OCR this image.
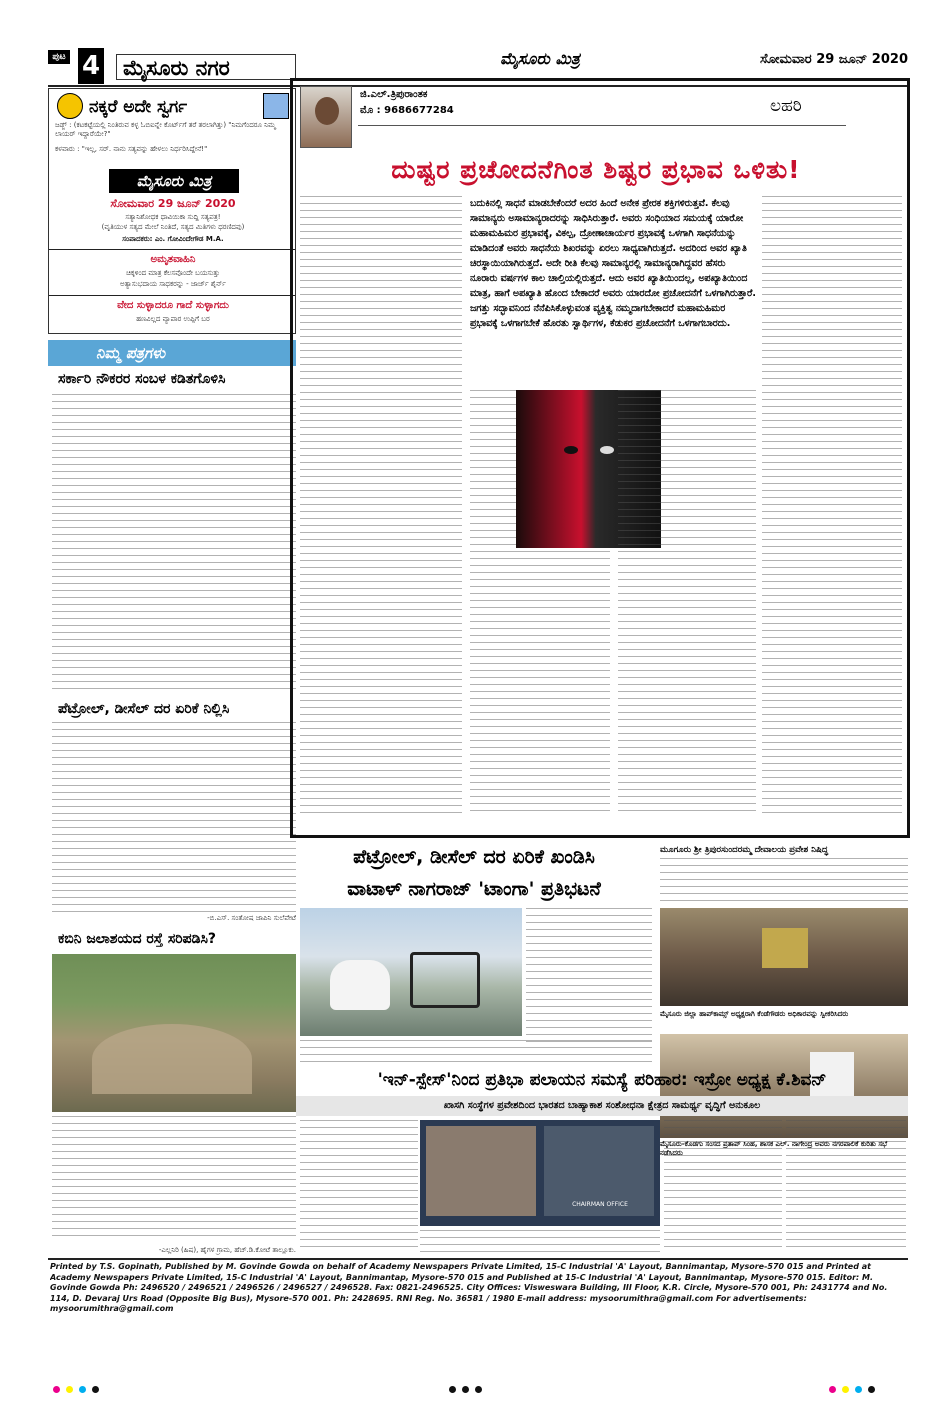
ಪುಟ 4	ಮೈಸೂರು ನಗರ	ಮೈಸೂರು ಮಿತ್ರ	ಸೋಮವಾರ 29 ಜೂನ್ 2020
ನಕ್ಕರೆ ಅದೇ ಸ್ವರ್ಗ
ಜಡ್ಜ್ : (ಕಟಕಟ್ಟೆಯಲ್ಲಿ ನಿಂತಿರುವ ಕಳ್ಳ ಓಬಿಐನ್ನೇ ಕೊರ್ಟ್‌ಗೆ ತರೆ ತರಲಾಗಿತ್ತು) "ನಿಮಗೆಂದರೂ ನಿಮ್ಮ ಲಾಯರ್ ಇದ್ದಾರೆಯೇ?"
ಕಳವಾರು : "ಇಲ್ಲ, ಸರ್. ನಾನು ಸತ್ಯವನ್ನು ಹೇಳಲು ನಿರ್ಧರಿಸಿದ್ದೇನೆ!"
ಮೈಸೂರು ಮಿತ್ರ
ಸೋಮವಾರ 29 ಜೂನ್ 2020
ಸತ್ಯಾನಿಶೋಧಕ ಧಾವಿಯಿಕಾ ಸುದ್ದಿ ಸತ್ಯಪತ್ರ!
(ವೃತಿಯುಳ ಸತ್ಯದ ಮೇಲೆ ನಿಂತಿದೆ, ಸತ್ಯದ ಮಿತಿಗಳು ಧರಣಿದವು)
ಸಂಪಾದಕರು: ಎಂ. ಗೋವಿಂದೇಗೌಡ M.A.
ಅಮೃತವಾಹಿನಿ
ಚಿಕ್ಕಳಿಂದ ಮಾತ್ರ ಕೆಲಸವೊಂದೇ ಬಯಸುತ್ತು
ಅತ್ಯಾಸುಭದಾಯ ಸಾಧಕರನ್ನು - ಜಾರ್ಜ್‌ ಶೈರ್ನ್
ವೇದ ಸುಳ್ಳಾದರೂ ಗಾದೆ ಸುಳ್ಳಾಗದು
ಹಣವಿಲ್ಲದ ವ್ಯಾಪಾರ ಉಪ್ಪಿಗೆ ಬರ
ನಿಮ್ಮ ಪತ್ರಗಳು
ಸರ್ಕಾರಿ ನೌಕರರ ಸಂಬಳ ಕಡಿತಗೊಳಿಸಿ
ಪೆಟ್ರೋಲ್, ಡೀಸೆಲ್ ದರ ಏರಿಕೆ ನಿಲ್ಲಿಸಿ
-ಬಿ.ಎಸ್. ಸಂತೋಷ ಜಾಪಿನಿ ಸುಲೆಪೇಟೆ
ಕಬಿನಿ ಜಲಾಶಯದ ರಸ್ತೆ ಸರಿಪಡಿಸಿ?
-ಎಲ್ಲನಿರಿ (ಹಿಷ), ಹೈಗಳ ಗ್ರಾಮ, ಹೆಚ್.ಡಿ.ಕೋಟೆ ತಾಲ್ಲೂಕು.
ಜಿ.ಎಲ್.ತ್ರಿಪುರಾಂತಕ
ಮೊ : 9686677284	ಲಹರಿ
ದುಷ್ಟರ ಪ್ರಚೋದನೆಗಿಂತ ಶಿಷ್ಟರ ಪ್ರಭಾವ ಒಳಿತು!
ಬದುಕಿನಲ್ಲಿ ಸಾಧನೆ ಮಾಡಬೇಕೆಂದರೆ ಅದರ ಹಿಂದೆ ಅನೇಕ ಪ್ರೇರಕ ಶಕ್ತಿಗಳಿರುತ್ತವೆ. ಕೆಲವು ಸಾಮಾನ್ಯರು ಅಸಾಮಾನ್ಯರಾದರನ್ನು ಸಾಧಿಸಿರುತ್ತಾರೆ. ಅವರು ಸಂಧಿಯಾದ ಸಮಯಕ್ಕೆ ಯಾರೋ ಮಹಾಮಹಿಮರ ಪ್ರಭಾವಕ್ಕೆ, ವಿಕಲ್ಪ, ದ್ರೋಣಾಚಾರ್ಯರ ಪ್ರಭಾವಕ್ಕೆ ಒಳಗಾಗಿ ಸಾಧನೆಯನ್ನು ಮಾಡಿದಂತೆ ಅವರು ಸಾಧನೆಯ ಶಿಖರವನ್ನು ಏರಲು ಸಾಧ್ಯವಾಗಿರುತ್ತದೆ. ಅದರಿಂದ ಅವರ ಖ್ಯಾತಿ ಚಿರಸ್ಥಾಯಿಯಾಗಿರುತ್ತದೆ. ಅದೇ ರೀತಿ ಕೆಲವು ಸಾಮಾನ್ಯರಲ್ಲಿ ಸಾಮಾನ್ಯರಾಗಿದ್ದವರ ಹೆಸರು ನೂರಾರು ವರ್ಷಗಳ ಕಾಲ ಚಾಲ್ತಿಯಲ್ಲಿರುತ್ತದೆ. ಆದು ಅವರ ಖ್ಯಾತಿಯಿಂದಲ್ಲ, ಅಪಖ್ಯಾತಿಯಿಂದ ಮಾತ್ರ, ಹಾಗೆ ಅಪಖ್ಯಾತಿ ಹೊಂದ ಬೇಕಾದರೆ ಅವರು ಯಾರದೋ ಪ್ರಚೋದನೆಗೆ ಒಳಗಾಗಿರುತ್ತಾರೆ. ಜಗತ್ತು ಸದ್ಭಾವನಿಂದ ನೆನೆಪಿಸಿಕೊಳ್ಳುವಂತ ವ್ಯಕ್ತಿತ್ವ ನಮ್ಮದಾಗಬೇಕಾದರೆ ಮಹಾಮಹಿಮರ ಪ್ರಭಾವಕ್ಕೆ ಒಳಗಾಗಬೇಕೆ ಹೊರತು ಸ್ವಾರ್ಥಿಗಳ, ಕೆಡುಕರ ಪ್ರಚೋದನೆಗೆ ಒಳಗಾಗಬಾರದು.
ಪೆಟ್ರೋಲ್, ಡೀಸೆಲ್ ದರ ಏರಿಕೆ ಖಂಡಿಸಿ
ವಾಟಾಳ್ ನಾಗರಾಜ್ 'ಟಾಂಗಾ' ಪ್ರತಿಭಟನೆ
ಮೂಗೂರು ಶ್ರೀ ತ್ರಿಪುರಸುಂದರಮ್ಮ ದೇವಾಲಯ ಪ್ರವೇಶ ನಿಷಿದ್ಧ
ಮೈಸೂರು ಜಿಲ್ಲಾ ಹಾಪ್‌ಕಾಮ್ಸ್ ಅಧ್ಯಕ್ಷರಾಗಿ ಕೆಂಡೆಗೌಡರು ಅಧಿಕಾರವನ್ನು ಸ್ವೀಕರಿಸಿದರು
ಮೈಸೂರು-ಕೊಡಗು ಸಂಸದ ಪ್ರತಾಪ್ ಸಿಂಹ, ಶಾಸಕ ಎಲ್. ನಾಗೇಂದ್ರ ಅವರು ನಗರಪಾಲಿಕೆ ಕುರಿತು ಸಭೆ ನಡೆಸಿದರು
'ಇನ್-ಸ್ಪೇಸ್'ನಿಂದ ಪ್ರತಿಭಾ ಪಲಾಯನ ಸಮಸ್ಯೆ ಪರಿಹಾರ: ಇಸ್ರೋ ಅಧ್ಯಕ್ಷ ಕೆ.ಶಿವನ್
ಖಾಸಗಿ ಸಂಸ್ಥೆಗಳ ಪ್ರವೇಶದಿಂದ ಭಾರತದ ಬಾಹ್ಯಾಕಾಶ ಸಂಶೋಧನಾ ಕ್ಷೇತ್ರದ ಸಾಮರ್ಥ್ಯ ವೃದ್ಧಿಗೆ ಅನುಕೂಲ
CHAIRMAN OFFICE
Printed by T.S. Gopinath, Published by M. Govinde Gowda on behalf of Academy Newspapers Private Limited, 15-C Industrial 'A' Layout, Bannimantap, Mysore-570 015 and Printed at Academy Newspapers Private Limited, 15-C Industrial 'A' Layout, Bannimantap, Mysore-570 015 and Published at 15-C Industrial 'A' Layout, Bannimantap, Mysore-570 015. Editor: M. Govinde Gowda Ph: 2496520 / 2496521 / 2496526 / 2496527 / 2496528. Fax: 0821-2496525. City Offices: Visweswara Building, III Floor, K.R. Circle, Mysore-570 001, Ph: 2431774 and No. 114, D. Devaraj Urs Road (Opposite Big Bus), Mysore-570 001. Ph: 2428695. RNI Reg. No. 36581 / 1980 E-mail address: mysoorumithra@gmail.com For advertisements: mysoorumithra@gmail.com
